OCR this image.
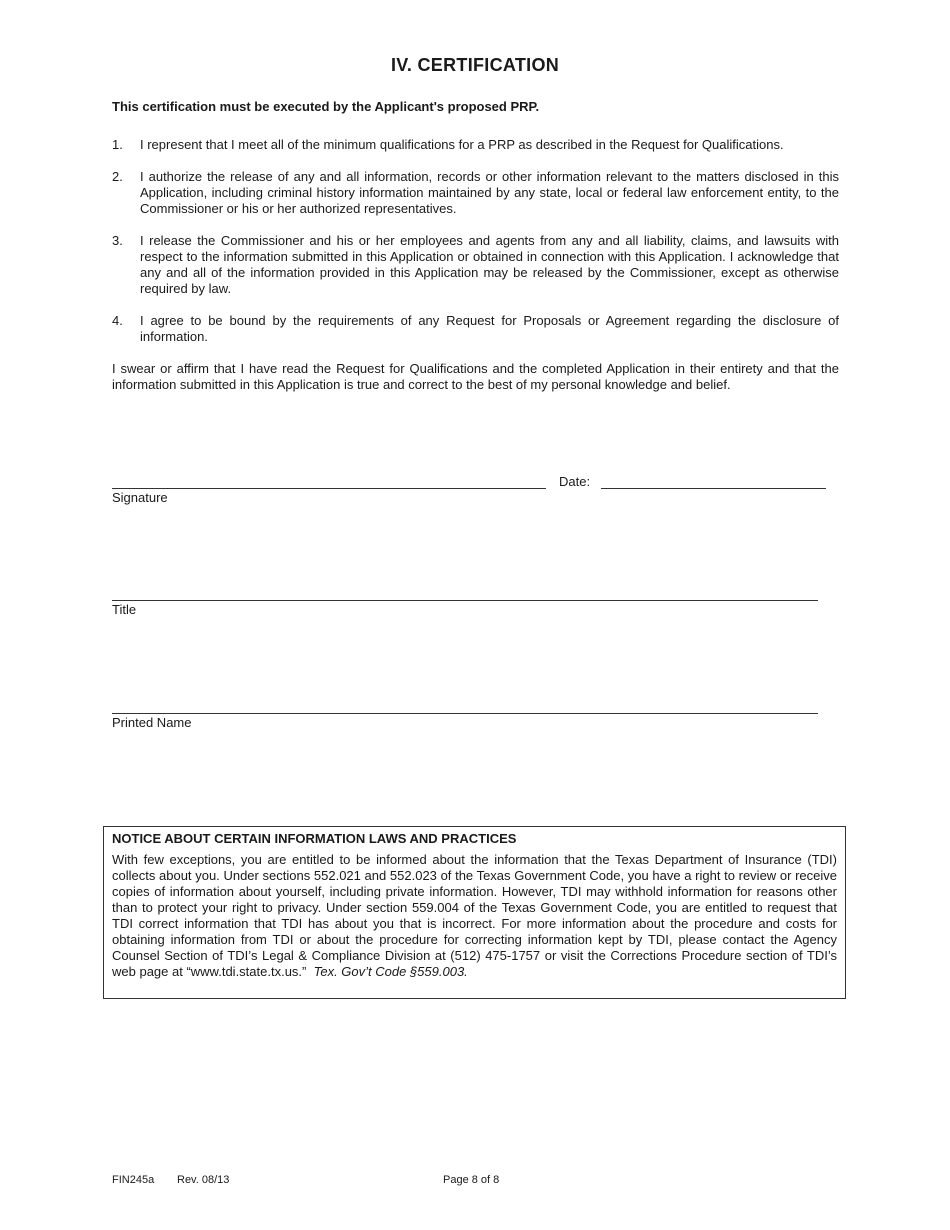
IV. CERTIFICATION
This certification must be executed by the Applicant's proposed PRP.
1. I represent that I meet all of the minimum qualifications for a PRP as described in the Request for Qualifications.
2. I authorize the release of any and all information, records or other information relevant to the matters disclosed in this Application, including criminal history information maintained by any state, local or federal law enforcement entity, to the Commissioner or his or her authorized representatives.
3. I release the Commissioner and his or her employees and agents from any and all liability, claims, and lawsuits with respect to the information submitted in this Application or obtained in connection with this Application. I acknowledge that any and all of the information provided in this Application may be released by the Commissioner, except as otherwise required by law.
4. I agree to be bound by the requirements of any Request for Proposals or Agreement regarding the disclosure of information.
I swear or affirm that I have read the Request for Qualifications and the completed Application in their entirety and that the information submitted in this Application is true and correct to the best of my personal knowledge and belief.
Date:
Signature
Title
Printed Name
NOTICE ABOUT CERTAIN INFORMATION LAWS AND PRACTICES
With few exceptions, you are entitled to be informed about the information that the Texas Department of Insurance (TDI) collects about you. Under sections 552.021 and 552.023 of the Texas Government Code, you have a right to review or receive copies of information about yourself, including private information. However, TDI may withhold information for reasons other than to protect your right to privacy. Under section 559.004 of the Texas Government Code, you are entitled to request that TDI correct information that TDI has about you that is incorrect. For more information about the procedure and costs for obtaining information from TDI or about the procedure for correcting information kept by TDI, please contact the Agency Counsel Section of TDI’s Legal & Compliance Division at (512) 475-1757 or visit the Corrections Procedure section of TDI’s web page at “www.tdi.state.tx.us.” Tex. Gov’t Code §559.003.
FIN245a Rev. 08/13	Page 8 of 8
